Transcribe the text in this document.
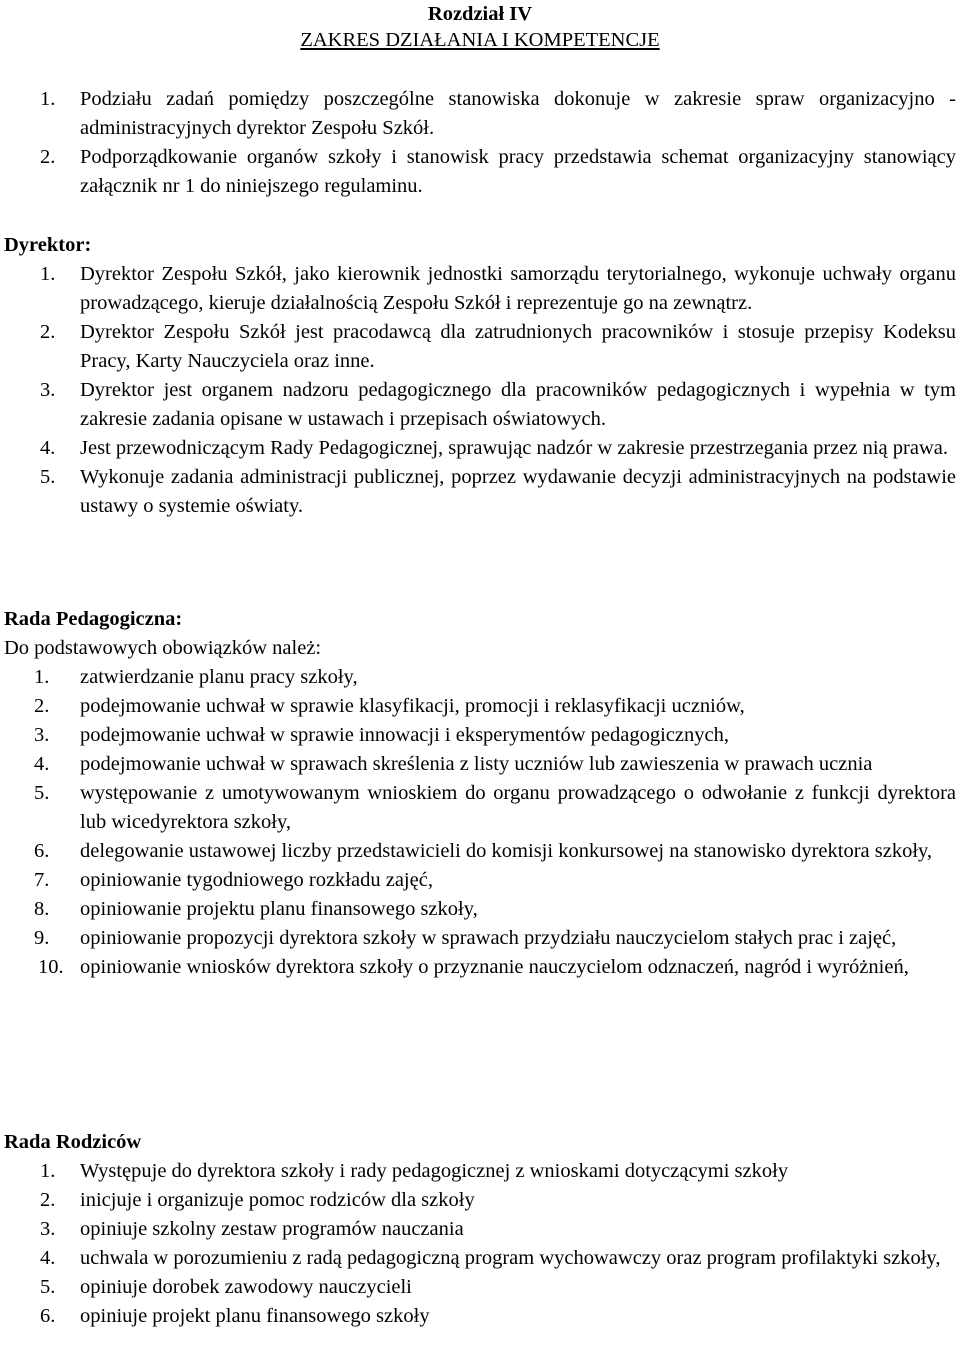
Rozdział IV
ZAKRES DZIAŁANIA I KOMPETENCJE
1. Podziału zadań pomiędzy poszczególne stanowiska dokonuje w zakresie spraw organizacyjno - administracyjnych dyrektor Zespołu Szkół.
2. Podporządkowanie organów szkoły i stanowisk pracy przedstawia schemat organizacyjny stanowiący załącznik nr 1 do niniejszego regulaminu.
Dyrektor:
1. Dyrektor Zespołu Szkół, jako kierownik jednostki samorządu terytorialnego, wykonuje uchwały organu prowadzącego, kieruje działalnością Zespołu Szkół i reprezentuje go na zewnątrz.
2. Dyrektor Zespołu Szkół jest pracodawcą dla zatrudnionych pracowników i stosuje przepisy Kodeksu Pracy, Karty Nauczyciela oraz inne.
3. Dyrektor jest organem nadzoru pedagogicznego dla pracowników pedagogicznych i wypełnia w tym zakresie zadania opisane w ustawach i przepisach oświatowych.
4. Jest przewodniczącym Rady Pedagogicznej, sprawując nadzór w zakresie przestrzegania przez nią prawa.
5. Wykonuje zadania administracji publicznej, poprzez wydawanie decyzji administracyjnych na podstawie ustawy o systemie oświaty.
Rada Pedagogiczna:
Do podstawowych obowiązków należ:
1. zatwierdzanie planu pracy szkoły,
2. podejmowanie uchwał w sprawie klasyfikacji, promocji i reklasyfikacji uczniów,
3. podejmowanie uchwał w sprawie innowacji i eksperymentów pedagogicznych,
4. podejmowanie uchwał w sprawach skreślenia z listy uczniów lub zawieszenia w prawach ucznia
5. występowanie z umotywowanym wnioskiem do organu prowadzącego o odwołanie z funkcji dyrektora lub wicedyrektora szkoły,
6. delegowanie ustawowej liczby przedstawicieli do komisji konkursowej na stanowisko dyrektora szkoły,
7. opiniowanie tygodniowego rozkładu zajęć,
8. opiniowanie projektu planu finansowego szkoły,
9. opiniowanie propozycji dyrektora szkoły w sprawach przydziału nauczycielom stałych prac i zajęć,
10. opiniowanie wniosków dyrektora szkoły o przyznanie nauczycielom odznaczeń, nagród i wyróżnień,
Rada Rodziców
1. Występuje do dyrektora szkoły i rady pedagogicznej z wnioskami dotyczącymi szkoły
2. inicjuje i organizuje pomoc rodziców dla szkoły
3. opiniuje szkolny zestaw programów nauczania
4. uchwala w porozumieniu z radą pedagogiczną program wychowawczy oraz program profilaktyki szkoły,
5. opiniuje dorobek zawodowy nauczycieli
6. opiniuje projekt planu finansowego szkoły
